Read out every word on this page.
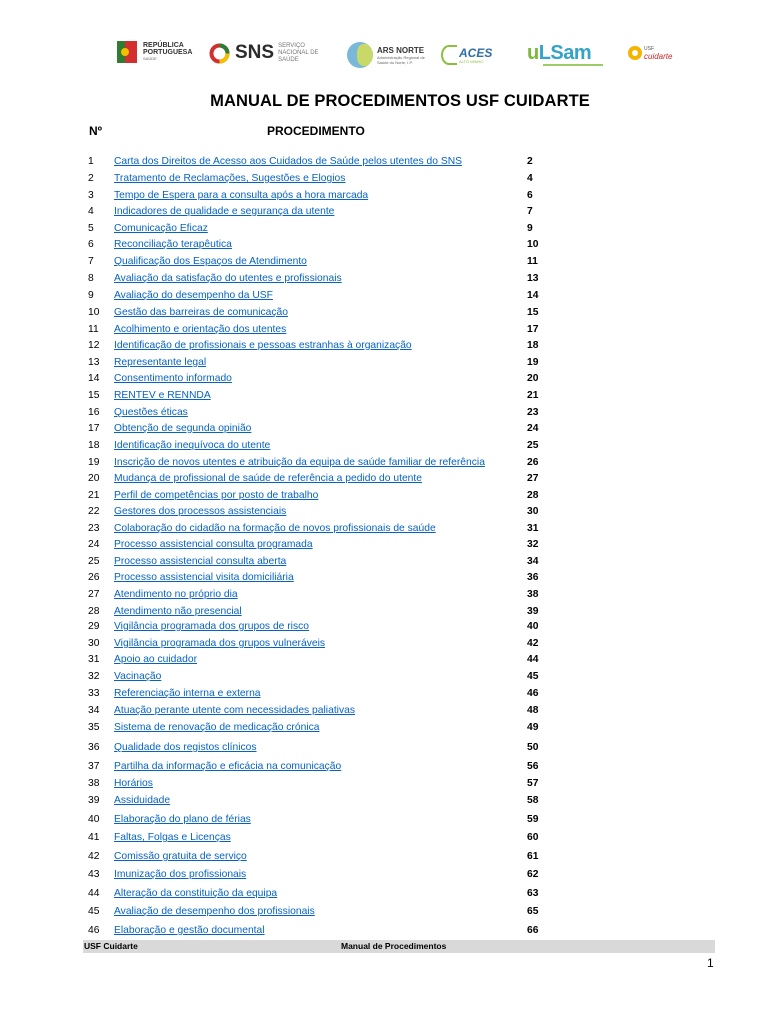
REPÚBLICA
PORTUGUESA
SAÚDE	SNS SERVIÇO NACIONAL DE SAÚDE
ARS NORTE
Administração Regional de Saúde do Norte, I.P.
ACES
ALTO MINHO	uLSam	USF
cuidarte
MANUAL DE PROCEDIMENTOS USF CUIDARTE
Nº	PROCEDIMENTO
1	Carta dos Direitos de Acesso aos Cuidados de Saúde pelos utentes do SNS	2
2	Tratamento de Reclamações, Sugestões e Elogios	4
3	Tempo de Espera para a consulta após a hora marcada	6
4	Indicadores de qualidade e segurança da utente	7
5	Comunicação Eficaz	9
6	Reconciliação terapêutica	10
7	Qualificação dos Espaços de Atendimento	11
8	Avaliação da satisfação do utentes e profissionais	13
9	Avaliação do desempenho da USF	14
10	Gestão das barreiras de comunicação	15
11	Acolhimento e orientação dos utentes	17
12	Identificação de profissionais e pessoas estranhas à organização	18
13	Representante legal	19
14	Consentimento informado	20
15	RENTEV e RENNDA	21
16	Questões éticas	23
17	Obtenção de segunda opinião	24
18	Identificação inequívoca do utente	25
19	Inscrição de novos utentes e atribuição da equipa de saúde familiar de referência	26
20	Mudança de profissional de saúde de referência a pedido do utente	27
21	Perfil de competências por posto de trabalho	28
22	Gestores dos processos assistenciais	30
23	Colaboração do cidadão na formação de novos profissionais de saúde	31
24	Processo assistencial consulta programada	32
25	Processo assistencial consulta aberta	34
26	Processo assistencial visita domiciliária	36
27	Atendimento no próprio dia	38
28	Atendimento não presencial	39
29	Vigilância programada dos grupos de risco	40
30	Vigilância programada dos grupos vulneráveis	42
31	Apoio ao cuidador	44
32	Vacinação	45
33	Referenciação interna e externa	46
34	Atuação perante utente com necessidades paliativas	48
35	Sistema de renovação de medicação crónica	49
36	Qualidade dos registos clínicos	50
37	Partilha da informação e eficácia na comunicação	56
38	Horários	57
39	Assiduidade	58
40	Elaboração do plano de férias	59
41	Faltas, Folgas e Licenças	60
42	Comissão gratuita de serviço	61
43	Imunização dos profissionais	62
44	Alteração da constituição da equipa	63
45	Avaliação de desempenho dos profissionais	65
46	Elaboração e gestão documental	66
USF Cuidarte	Manual de Procedimentos
1
